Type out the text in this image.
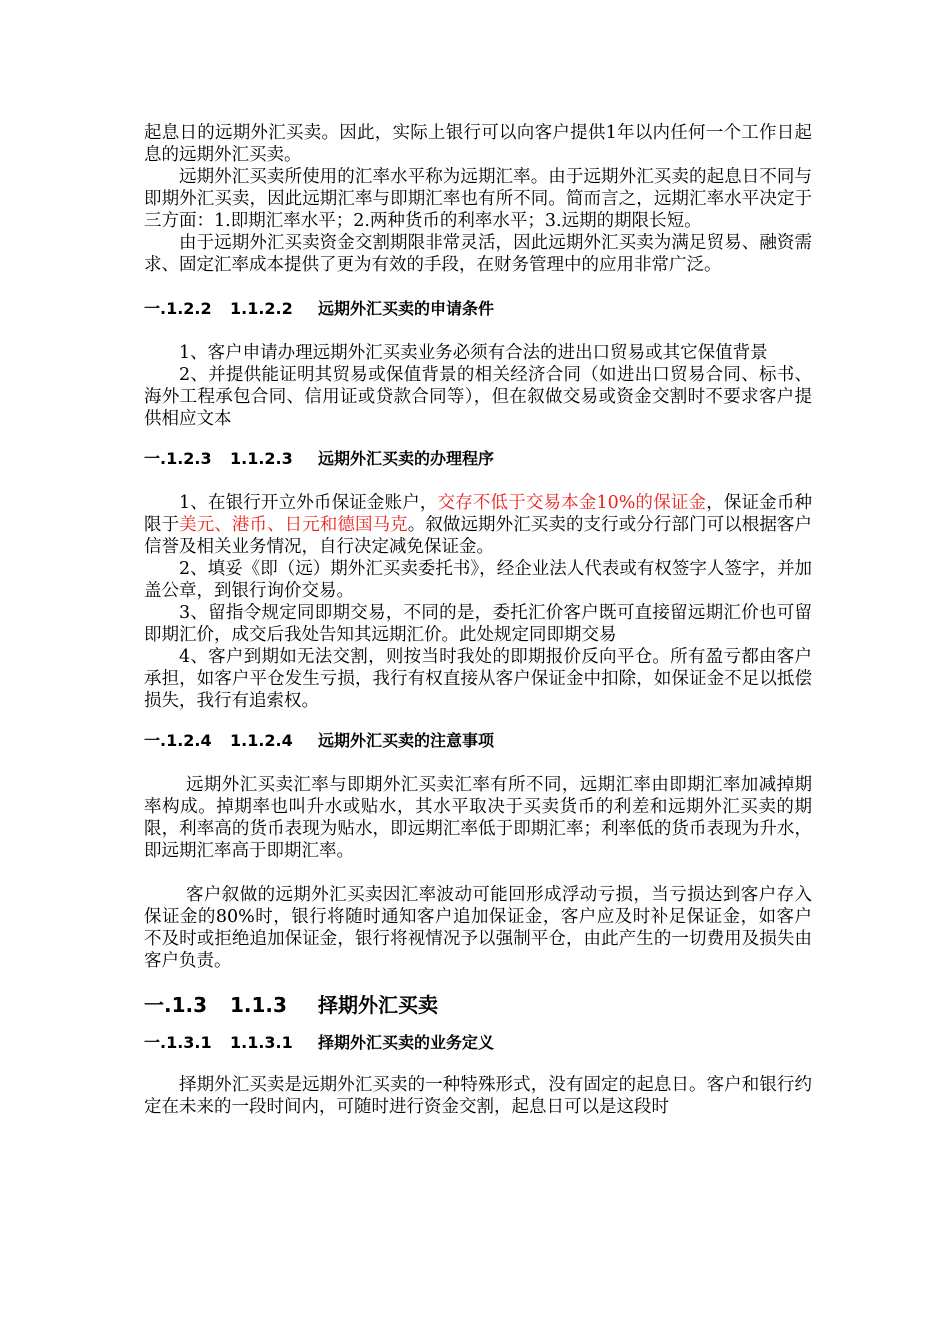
起息日的远期外汇买卖。因此，实际上银行可以向客户提供1年以内任何一个工作日起息的远期外汇买卖。

远期外汇买卖所使用的汇率水平称为远期汇率。由于远期外汇买卖的起息日不同与即期外汇买卖，因此远期汇率与即期汇率也有所不同。简而言之，远期汇率水平决定于三方面：1.即期汇率水平；2.两种货币的利率水平；3.远期的期限长短。

由于远期外汇买卖资金交割期限非常灵活，因此远期外汇买卖为满足贸易、融资需求、固定汇率成本提供了更为有效的手段，在财务管理中的应用非常广泛。

一.1.2.2 1.1.2.2 远期外汇买卖的申请条件

1、客户申请办理远期外汇买卖业务必须有合法的进出口贸易或其它保值背景

2、并提供能证明其贸易或保值背景的相关经济合同（如进出口贸易合同、标书、海外工程承包合同、信用证或贷款合同等），但在叙做交易或资金交割时不要求客户提供相应文本

一.1.2.3 1.1.2.3 远期外汇买卖的办理程序

1、在银行开立外币保证金账户，交存不低于交易本金10%的保证金，保证金币种限于美元、港币、日元和德国马克。叙做远期外汇买卖的支行或分行部门可以根据客户信誉及相关业务情况，自行决定减免保证金。

2、填妥《即（远）期外汇买卖委托书》，经企业法人代表或有权签字人签字，并加盖公章，到银行询价交易。

3、留指令规定同即期交易，不同的是，委托汇价客户既可直接留远期汇价也可留即期汇价，成交后我处告知其远期汇价。此处规定同即期交易

4、客户到期如无法交割，则按当时我处的即期报价反向平仓。所有盈亏都由客户承担，如客户平仓发生亏损，我行有权直接从客户保证金中扣除，如保证金不足以抵偿损失，我行有追索权。

一.1.2.4 1.1.2.4 远期外汇买卖的注意事项

远期外汇买卖汇率与即期外汇买卖汇率有所不同，远期汇率由即期汇率加减掉期率构成。掉期率也叫升水或贴水，其水平取决于买卖货币的利差和远期外汇买卖的期限，利率高的货币表现为贴水，即远期汇率低于即期汇率；利率低的货币表现为升水，即远期汇率高于即期汇率。

客户叙做的远期外汇买卖因汇率波动可能回形成浮动亏损，当亏损达到客户存入保证金的80%时，银行将随时通知客户追加保证金，客户应及时补足保证金，如客户不及时或拒绝追加保证金，银行将视情况予以强制平仓，由此产生的一切费用及损失由客户负责。

一.1.3 1.1.3 择期外汇买卖
一.1.3.1 1.1.3.1 择期外汇买卖的业务定义

择期外汇买卖是远期外汇买卖的一种特殊形式，没有固定的起息日。客户和银行约定在未来的一段时间内，可随时进行资金交割，起息日可以是这段时
